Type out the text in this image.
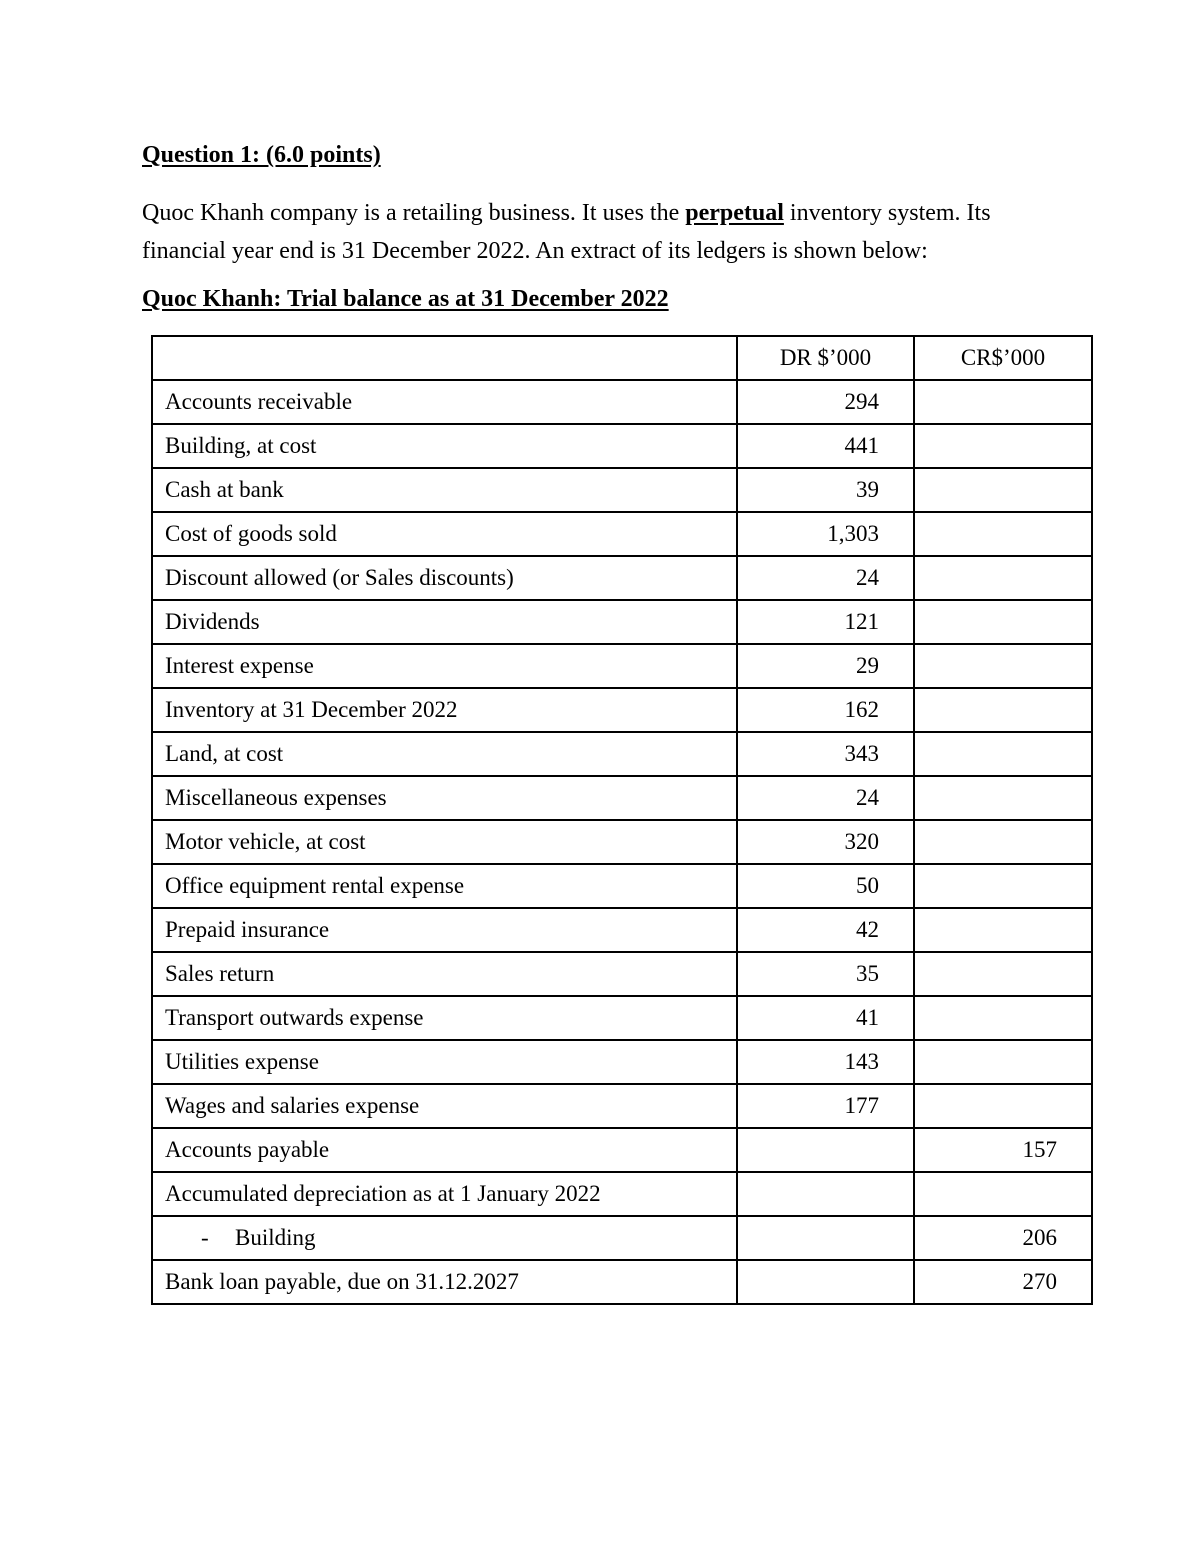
Question 1: (6.0 points)

Quoc Khanh company is a retailing business. It uses the perpetual inventory system. Its financial year end is 31 December 2022. An extract of its ledgers is shown below:

Quoc Khanh: Trial balance as at 31 December 2022
	DR $’000	CR$’000
Accounts receivable	294	
Building, at cost	441	
Cash at bank	39	
Cost of goods sold	1,303	
Discount allowed (or Sales discounts)	24	
Dividends	121	
Interest expense	29	
Inventory at 31 December 2022	162	
Land, at cost	343	
Miscellaneous expenses	24	
Motor vehicle, at cost	320	
Office equipment rental expense	50	
Prepaid insurance	42	
Sales return	35	
Transport outwards expense	41	
Utilities expense	143	
Wages and salaries expense	177	
Accounts payable		157
Accumulated depreciation as at 1 January 2022		
- Building		206
Bank loan payable, due on 31.12.2027		270
